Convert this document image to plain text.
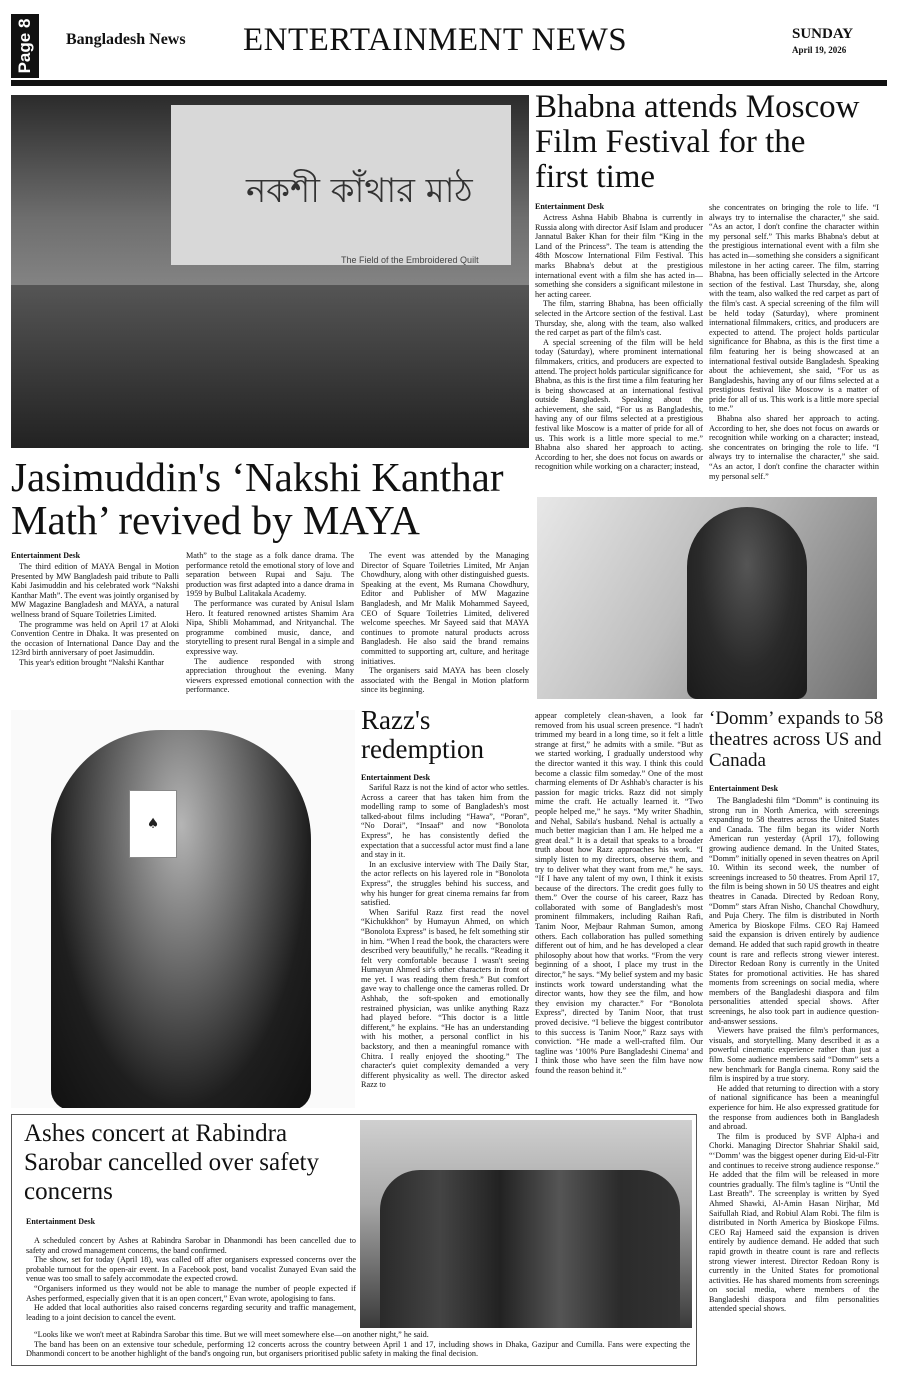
Page 8 Bangladesh News ENTERTAINMENT NEWS	SUNDAY
April 19, 2026
নকশী কাঁথার মাঠ
The Field of the Embroidered Quilt
Bhabna attends Moscow Film Festival for the first time
Entertainment Desk

Actress Ashna Habib Bhabna is currently in Russia along with director Asif Islam and producer Jannatul Baker Khan for their film “King in the Land of the Princess”. The team is attending the 48th Moscow International Film Festival. This marks Bhabna's debut at the prestigious international event with a film she has acted in—something she considers a significant milestone in her acting career.

The film, starring Bhabna, has been officially selected in the Artcore section of the festival. Last Thursday, she, along with the team, also walked the red carpet as part of the film's cast.

A special screening of the film will be held today (Saturday), where prominent international filmmakers, critics, and producers are expected to attend. The project holds particular significance for Bhabna, as this is the first time a film featuring her is being showcased at an international festival outside Bangladesh. Speaking about the achievement, she said, “For us as Bangladeshis, having any of our films selected at a prestigious festival like Moscow is a matter of pride for all of us. This work is a little more special to me.” Bhabna also shared her approach to acting. According to her, she does not focus on awards or recognition while working on a character; instead,

she concentrates on bringing the role to life. “I always try to internalise the character,” she said. “As an actor, I don't confine the character within my personal self.” This marks Bhabna's debut at the prestigious international event with a film she has acted in—something she considers a significant milestone in her acting career. The film, starring Bhabna, has been officially selected in the Artcore section of the festival. Last Thursday, she, along with the team, also walked the red carpet as part of the film's cast. A special screening of the film will be held today (Saturday), where prominent international filmmakers, critics, and producers are expected to attend. The project holds particular significance for Bhabna, as this is the first time a film featuring her is being showcased at an international festival outside Bangladesh. Speaking about the achievement, she said, “For us as Bangladeshis, having any of our films selected at a prestigious festival like Moscow is a matter of pride for all of us. This work is a little more special to me.”

Bhabna also shared her approach to acting. According to her, she does not focus on awards or recognition while working on a character; instead, she concentrates on bringing the role to life. “I always try to internalise the character,” she said. “As an actor, I don't confine the character within my personal self.”

Jasimuddin's ‘Nakshi Kanthar Math’ revived by MAYA
Entertainment Desk

The third edition of MAYA Bengal in Motion Presented by MW Bangladesh paid tribute to Palli Kabi Jasimuddin and his celebrated work “Nakshi Kanthar Math”. The event was jointly organised by MW Magazine Bangladesh and MAYA, a natural wellness brand of Square Toiletries Limited.

The programme was held on April 17 at Aloki Convention Centre in Dhaka. It was presented on the occasion of International Dance Day and the 123rd birth anniversary of poet Jasimuddin.

This year's edition brought “Nakshi Kanthar

Math” to the stage as a folk dance drama. The performance retold the emotional story of love and separation between Rupai and Saju. The production was first adapted into a dance drama in 1959 by Bulbul Lalitakala Academy.

The performance was curated by Anisul Islam Hero. It featured renowned artistes Shamim Ara Nipa, Shibli Mohammad, and Nrityanchal. The programme combined music, dance, and storytelling to present rural Bengal in a simple and expressive way.

The audience responded with strong appreciation throughout the evening. Many viewers expressed emotional connection with the performance.

The event was attended by the Managing Director of Square Toiletries Limited, Mr Anjan Chowdhury, along with other distinguished guests. Speaking at the event, Ms Rumana Chowdhury, Editor and Publisher of MW Magazine Bangladesh, and Mr Malik Mohammed Sayeed, CEO of Square Toiletries Limited, delivered welcome speeches. Mr Sayeed said that MAYA continues to promote natural products across Bangladesh. He also said the brand remains committed to supporting art, culture, and heritage initiatives.

The organisers said MAYA has been closely associated with the Bengal in Motion platform since its beginning.

♠
Razz's redemption
Entertainment Desk

Sariful Razz is not the kind of actor who settles. Across a career that has taken him from the modelling ramp to some of Bangladesh's most talked-about films including “Hawa”, “Poran”, “No Dorai”, “Insaaf” and now “Bonolota Express”, he has consistently defied the expectation that a successful actor must find a lane and stay in it.

In an exclusive interview with The Daily Star, the actor reflects on his layered role in “Bonolota Express”, the struggles behind his success, and why his hunger for great cinema remains far from satisfied.

When Sariful Razz first read the novel “Kichukkhon” by Humayun Ahmed, on which “Bonolota Express” is based, he felt something stir in him. “When I read the book, the characters were described very beautifully,” he recalls. “Reading it felt very comfortable because I wasn't seeing Humayun Ahmed sir's other characters in front of me yet. I was reading them fresh.” But comfort gave way to challenge once the cameras rolled. Dr Ashhab, the soft-spoken and emotionally restrained physician, was unlike anything Razz had played before. “This doctor is a little different,” he explains. “He has an understanding with his mother, a personal conflict in his backstory, and then a meaningful romance with Chitra. I really enjoyed the shooting.” The character's quiet complexity demanded a very different physicality as well. The director asked Razz to

appear completely clean-shaven, a look far removed from his usual screen presence. “I hadn't trimmed my beard in a long time, so it felt a little strange at first,” he admits with a smile. “But as we started working, I gradually understood why the director wanted it this way. I think this could become a classic film someday.” One of the most charming elements of Dr Ashhab's character is his passion for magic tricks. Razz did not simply mime the craft. He actually learned it. “Two people helped me,” he says. “My writer Shadhin, and Nehal, Sabila's husband. Nehal is actually a much better magician than I am. He helped me a great deal.” It is a detail that speaks to a broader truth about how Razz approaches his work. “I simply listen to my directors, observe them, and try to deliver what they want from me,” he says. “If I have any talent of my own, I think it exists because of the directors. The credit goes fully to them.” Over the course of his career, Razz has collaborated with some of Bangladesh's most prominent filmmakers, including Raihan Rafi, Tanim Noor, Mejbaur Rahman Sumon, among others. Each collaboration has pulled something different out of him, and he has developed a clear philosophy about how that works. “From the very beginning of a shoot, I place my trust in the director,” he says. “My belief system and my basic instincts work toward understanding what the director wants, how they see the film, and how they envision my character.” For “Bonolota Express”, directed by Tanim Noor, that trust proved decisive. “I believe the biggest contributor to this success is Tanim Noor,” Razz says with conviction. “He made a well-crafted film. Our tagline was ‘100% Pure Bangladeshi Cinema’ and I think those who have seen the film have now found the reason behind it.”

‘Domm’ expands to 58 theatres across US and Canada
Entertainment Desk

The Bangladeshi film “Domm” is continuing its strong run in North America, with screenings expanding to 58 theatres across the United States and Canada. The film began its wider North American run yesterday (April 17), following growing audience demand. In the United States, “Domm” initially opened in seven theatres on April 10. Within its second week, the number of screenings increased to 50 theatres. From April 17, the film is being shown in 50 US theatres and eight theatres in Canada. Directed by Redoan Rony, “Domm” stars Afran Nisho, Chanchal Chowdhury, and Puja Chery. The film is distributed in North America by Bioskope Films. CEO Raj Hameed said the expansion is driven entirely by audience demand. He added that such rapid growth in theatre count is rare and reflects strong viewer interest. Director Redoan Rony is currently in the United States for promotional activities. He has shared moments from screenings on social media, where members of the Bangladeshi diaspora and film personalities attended special shows. After screenings, he also took part in audience question-and-answer sessions.

Viewers have praised the film's performances, visuals, and storytelling. Many described it as a powerful cinematic experience rather than just a film. Some audience members said “Domm” sets a new benchmark for Bangla cinema. Rony said the film is inspired by a true story.

He added that returning to direction with a story of national significance has been a meaningful experience for him. He also expressed gratitude for the response from audiences both in Bangladesh and abroad.

The film is produced by SVF Alpha-i and Chorki. Managing Director Shahriar Shakil said, “‘Domm’ was the biggest opener during Eid-ul-Fitr and continues to receive strong audience response.” He added that the film will be released in more countries gradually. The film's tagline is “Until the Last Breath”. The screenplay is written by Syed Ahmed Shawki, Al-Amin Hasan Nirjhar, Md Saifullah Riad, and Robiul Alam Robi. The film is distributed in North America by Bioskope Films. CEO Raj Hameed said the expansion is driven entirely by audience demand. He added that such rapid growth in theatre count is rare and reflects strong viewer interest. Director Redoan Rony is currently in the United States for promotional activities. He has shared moments from screenings on social media, where members of the Bangladeshi diaspora and film personalities attended special shows.

Ashes concert at Rabindra Sarobar cancelled over safety concerns
Entertainment Desk

A scheduled concert by Ashes at Rabindra Sarobar in Dhanmondi has been cancelled due to safety and crowd management concerns, the band confirmed.

The show, set for today (April 18), was called off after organisers expressed concerns over the probable turnout for the open-air event. In a Facebook post, band vocalist Zunayed Evan said the venue was too small to safely accommodate the expected crowd.

“Organisers informed us they would not be able to manage the number of people expected if Ashes performed, especially given that it is an open concert,” Evan wrote, apologising to fans.

He added that local authorities also raised concerns regarding security and traffic management, leading to a joint decision to cancel the event.

“Looks like we won't meet at Rabindra Sarobar this time. But we will meet somewhere else—on another night,” he said.

The band has been on an extensive tour schedule, performing 12 concerts across the country between April 1 and 17, including shows in Dhaka, Gazipur and Cumilla. Fans were expecting the Dhanmondi concert to be another highlight of the band's ongoing run, but organisers prioritised public safety in making the final decision.
